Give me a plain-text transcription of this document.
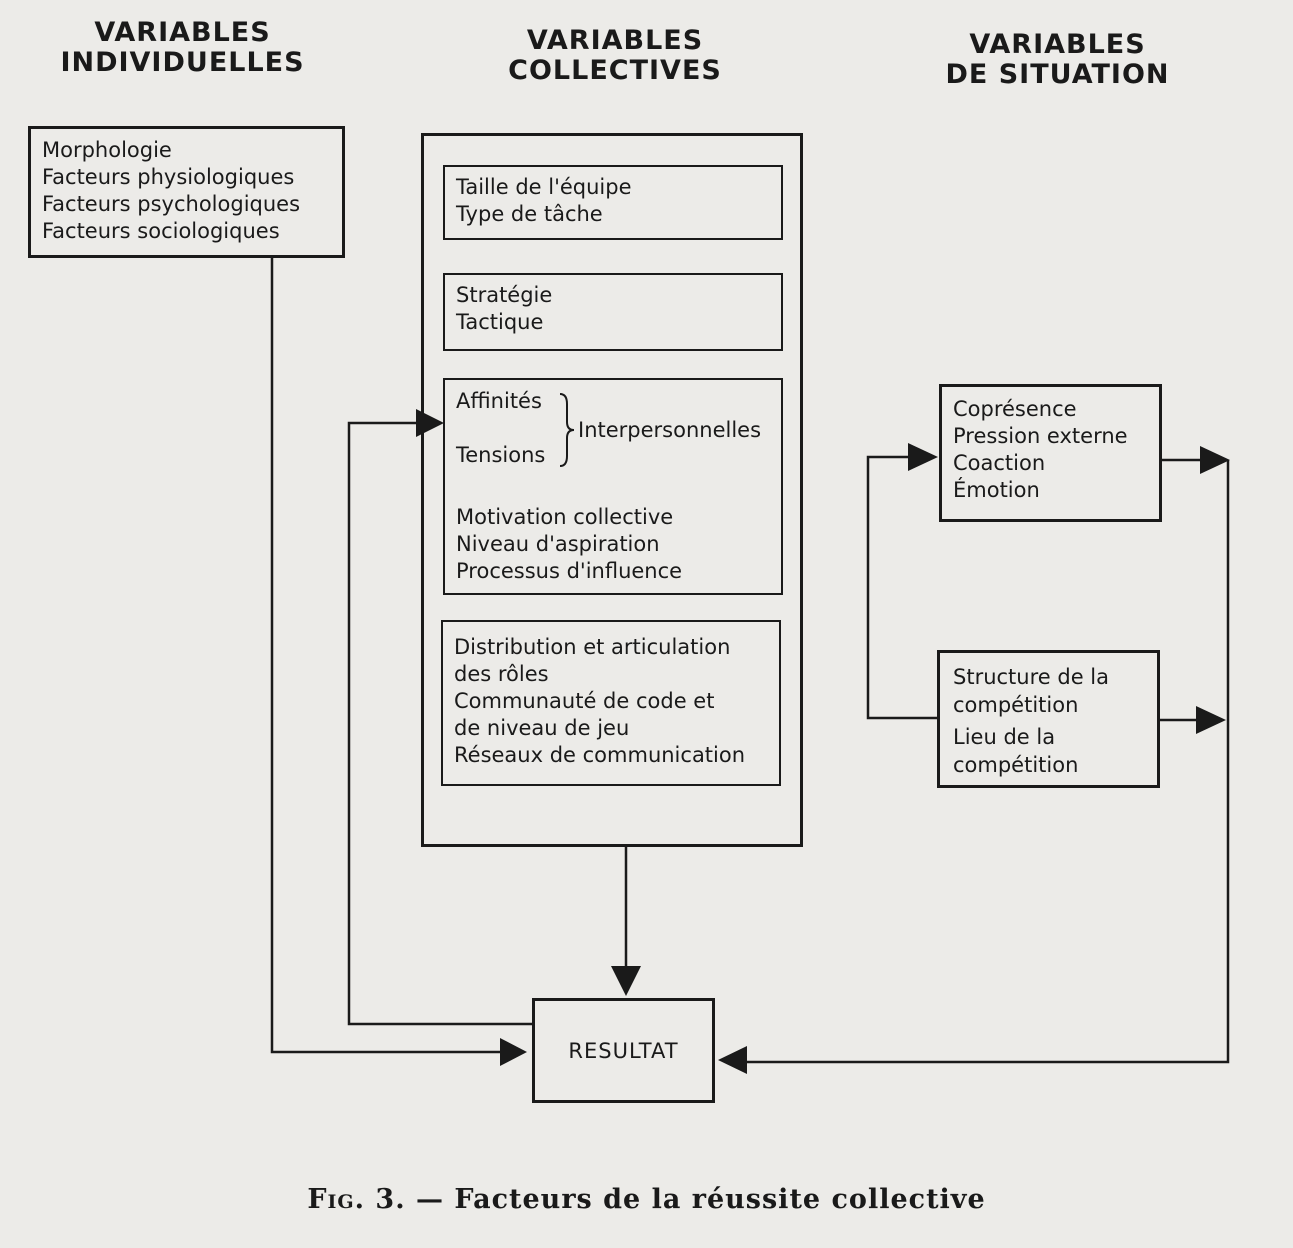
VARIABLES
INDIVIDUELLES
VARIABLES
COLLECTIVES
VARIABLES
DE SITUATION
Morphologie
Facteurs physiologiques
Facteurs psychologiques
Facteurs sociologiques
Taille de l'équipe
Type de tâche
Stratégie
Tactique
Affinités
Tensions
Interpersonnelles
Motivation collective
Niveau d'aspiration
Processus d'influence
Distribution et articulation
des rôles
Communauté de code et
de niveau de jeu
Réseaux de communication
Coprésence
Pression externe
Coaction
Émotion
Structure de la
compétition
Lieu de la
compétition
RESULTAT
Fig. 3. — Facteurs de la réussite collective
